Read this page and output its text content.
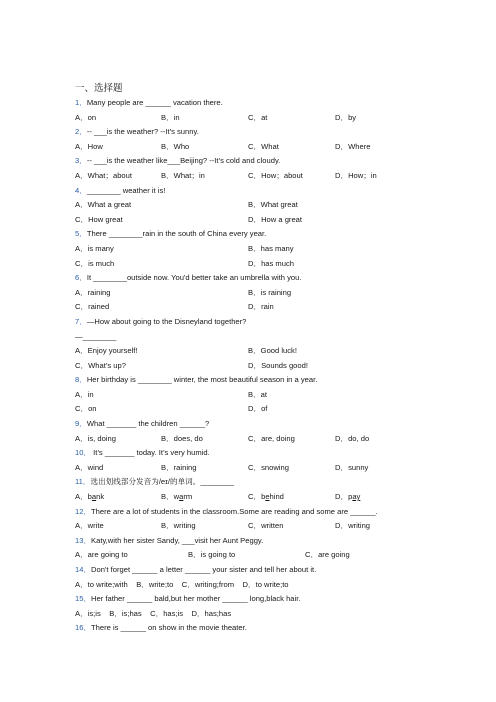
一、选择题
1．Many people are ______ vacation there.
A．on	B．in	C．at	D．by
2．-- ___is the weather? --It’s sunny.
A．How	B．Who	C．What	D．Where
3．-- ___is the weather like___Beijing? --It’s cold and cloudy.
A．What；about	B．What；in	C．How；about	D．How；in
4．________ weather it is!
A．What a great	B．What great
C．How great	D．How a great
5．There ________rain in the south of China every year.
A．is many	B．has many
C．is much	D．has much
6．It ________outside now. You'd better take an umbrella with you.
A．raining	B．is raining
C．rained	D．rain
7．—How about going to the Disneyland together?
—________
A．Enjoy yourself!	B．Good luck!
C．What’s up?	D．Sounds good!
8．Her birthday is ________ winter, the most beautiful season in a year.
A．in	B．at
C．on	D．of
9．What _______ the children ______?
A．is, doing	B．does, do	C．are, doing	D．do, do
10． It’s _______ today. It’s very humid.
A．wind	B．raining	C．snowing	D．sunny
11．选出划线部分发音为/eɪ/的单词。________
A．bank	B．warm	C．behind	D．pay
12．There are a lot of students in the classroom.Some are reading and some are ______.
A．write	B．writing	C．written	D．writing
13．Katy,with her sister Sandy, ___visit her Aunt Peggy.
A．are going to	B．is going to	C．are going
14．Don't forget ______ a letter ______ your sister and tell her about it.
A．to write;with    B．write;to    C．writing;from    D．to write;to
15．Her father ______ bald,but her mother ______ long,black hair.
A．is;is    B．is;has    C．has;is    D．has;has
16．There is ______ on show in the movie theater.
